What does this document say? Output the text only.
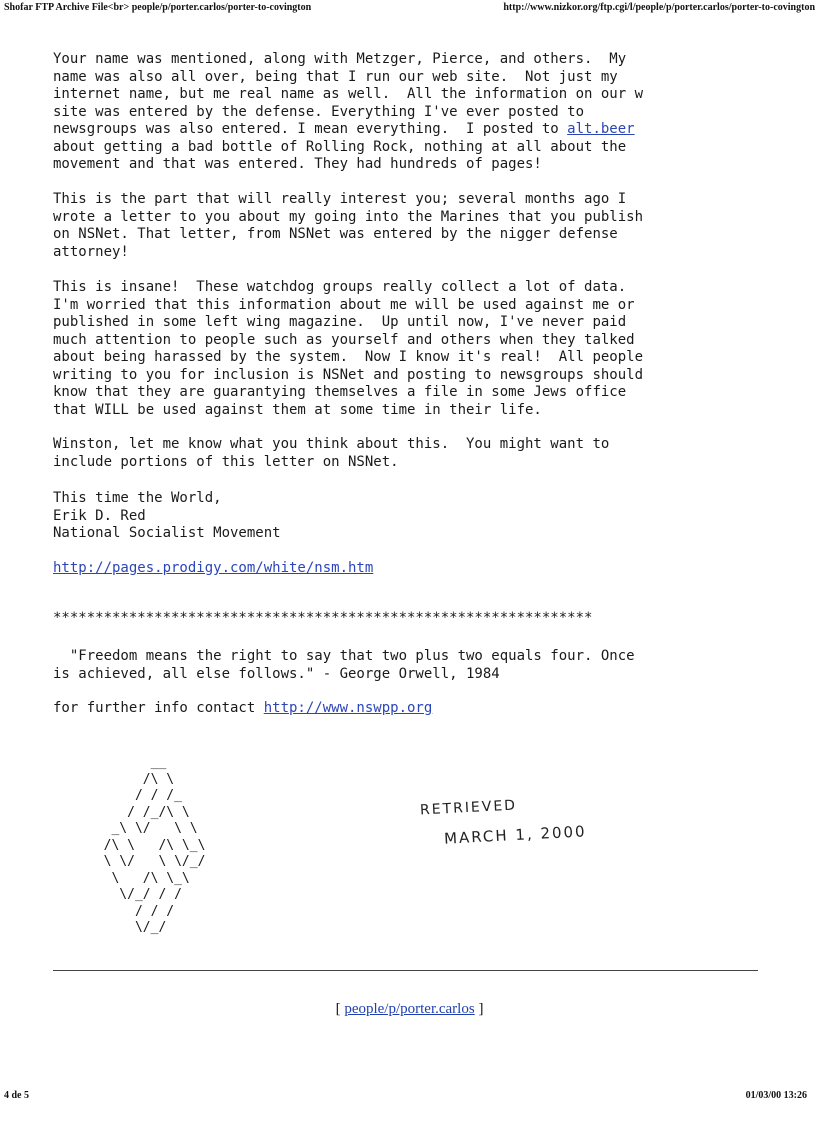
Shofar FTP Archive File<br> people/p/porter.carlos/porter-to-covington	http://www.nizkor.org/ftp.cgi/l/people/p/porter.carlos/porter-to-covington

Your name was mentioned, along with Metzger, Pierce, and others.  My
name was also all over, being that I run our web site.  Not just my
internet name, but me real name as well.  All the information on our w
site was entered by the defense. Everything I've ever posted to
newsgroups was also entered. I mean everything.  I posted to alt.beer
about getting a bad bottle of Rolling Rock, nothing at all about the
movement and that was entered. They had hundreds of pages!

This is the part that will really interest you; several months ago I
wrote a letter to you about my going into the Marines that you publish
on NSNet. That letter, from NSNet was entered by the nigger defense
attorney!

This is insane!  These watchdog groups really collect a lot of data.
I'm worried that this information about me will be used against me or
published in some left wing magazine.  Up until now, I've never paid
much attention to people such as yourself and others when they talked
about being harassed by the system.  Now I know it's real!  All people
writing to you for inclusion is NSNet and posting to newsgroups should
know that they are guarantying themselves a file in some Jews office
that WILL be used against them at some time in their life.

Winston, let me know what you think about this.  You might want to
include portions of this letter on NSNet.

This time the World,
Erik D. Red
National Socialist Movement

http://pages.prodigy.com/white/nsm.htm

****************************************************************

"Freedom means the right to say that two plus two equals four. Once
is achieved, all else follows." - George Orwell, 1984

for further info contact http://www.nswpp.org

__
/\ \
/ / /_
/ /_/\ \
_\ \/   \ \
/\ \   /\ \_\
\ \/   \ \/_/
\   /\ \_\
\/_/ / /
/ / /
\/_/

RETRIEVED
MARCH 1, 2000
[ people/p/porter.carlos ]
4 de 5	01/03/00 13:26
